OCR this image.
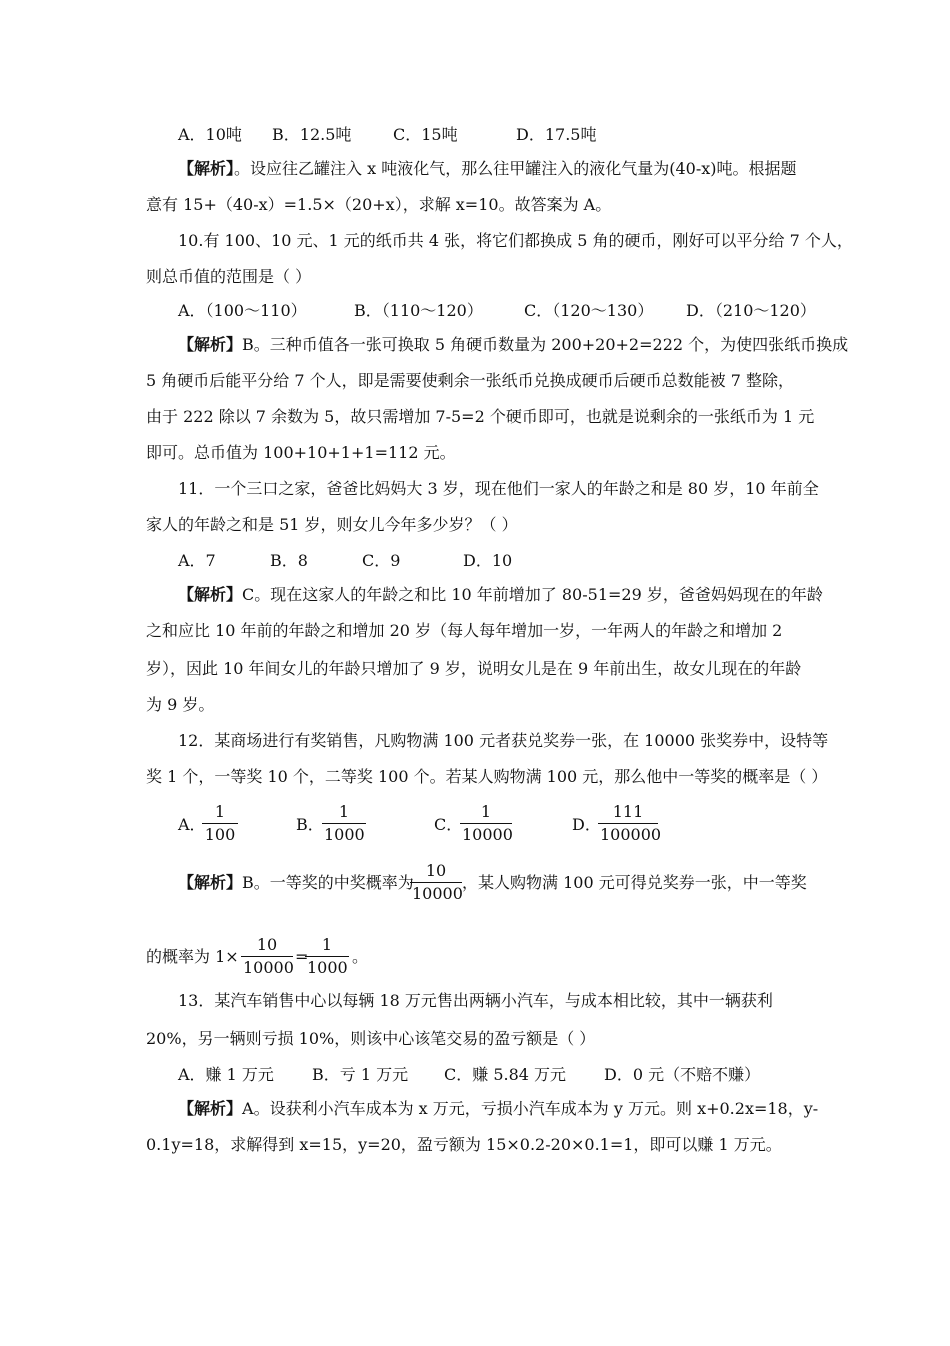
A．10吨 B．12.5吨	C．15吨	D．17.5吨
【解析】。设应往乙罐注入 x 吨液化气，那么往甲罐注入的液化气量为(40-x)吨。根据题
意有 15+（40-x）=1.5×（20+x），求解 x=10。故答案为 A。
10.有 100、10 元、1 元的纸币共 4 张，将它们都换成 5 角的硬币，刚好可以平分给 7 个人，
则总币值的范围是（ ）
A．（100～110）	B．（110～120）	C．（120～130） D．（210～120）
【解析】B。三种币值各一张可换取 5 角硬币数量为 200+20+2=222 个，为使四张纸币换成
5 角硬币后能平分给 7 个人，即是需要使剩余一张纸币兑换成硬币后硬币总数能被 7 整除，
由于 222 除以 7 余数为 5，故只需增加 7-5=2 个硬币即可，也就是说剩余的一张纸币为 1 元
即可。总币值为 100+10+1+1=112 元。
11．一个三口之家，爸爸比妈妈大 3 岁，现在他们一家人的年龄之和是 80 岁，10 年前全
家人的年龄之和是 51 岁，则女儿今年多少岁？（ ）
A．7	B．8	C．9	D．10
【解析】C。现在这家人的年龄之和比 10 年前增加了 80-51=29 岁，爸爸妈妈现在的年龄
之和应比 10 年前的年龄之和增加 20 岁（每人每年增加一岁，一年两人的年龄之和增加 2
岁），因此 10 年间女儿的年龄只增加了 9 岁，说明女儿是在 9 年前出生，故女儿现在的年龄
为 9 岁。
12．某商场进行有奖销售，凡购物满 100 元者获兑奖券一张，在 10000 张奖券中，设特等
奖 1 个，一等奖 10 个，二等奖 100 个。若某人购物满 100 元，那么他中一等奖的概率是（ ）
A．
1
100
B．
1
1000
C．
1
10000
D．
111
100000
【解析】B。一等奖的中奖概率为
10
10000
，某人购物满 100 元可得兑奖券一张，中一等奖
的概率为 1×
10
10000
=
1
1000
。
13．某汽车销售中心以每辆 18 万元售出两辆小汽车，与成本相比较，其中一辆获利
20%，另一辆则亏损 10%，则该中心该笔交易的盈亏额是（ ）
A．赚 1 万元 B．亏 1 万元 C．赚 5.84 万元 D．0 元（不赔不赚）
【解析】A。设获利小汽车成本为 x 万元，亏损小汽车成本为 y 万元。则 x+0.2x=18，y-
0.1y=18，求解得到 x=15，y=20，盈亏额为 15×0.2-20×0.1=1，即可以赚 1 万元。
